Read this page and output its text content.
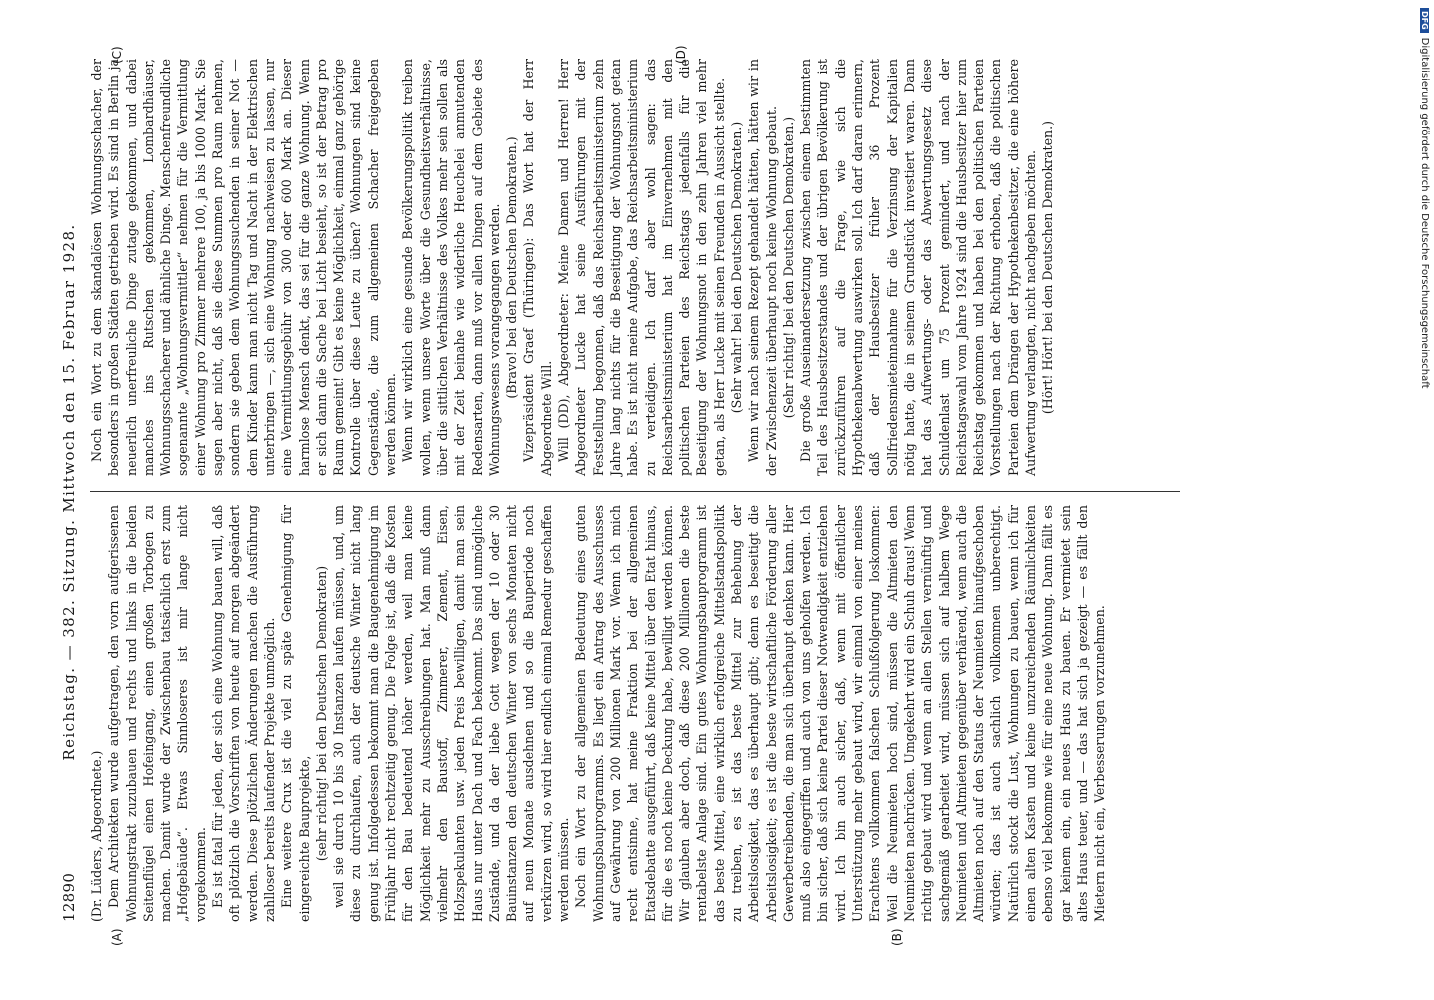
12890
Reichstag. — 382. Sitzung. Mittwoch den 15. Februar 1928.
(A)	(B)
(C)	(D)

(Dr. Lüders, Abgeordnete.) Dem Architekten wurde aufgetragen, den vorn aufgerissenen Wohnungstrakt zuzubauen und rechts und links in die beiden Seitenflügel einen Hofeingang, einen großen Torbogen zu machen. Damit wurde der Zwischenbau tatsächlich erst zum „Hofgebäude“. Etwas Sinnloseres ist mir lange nicht vorgekommen. Es ist fatal für jeden, der sich eine Wohnung bauen will, daß oft plötzlich die Vorschriften von heute auf morgen abgeändert werden. Diese plötzlichen Änderungen machen die Ausführung zahlloser bereits laufender Projekte unmöglich. Eine weitere Crux ist die viel zu späte Genehmigung für eingereichte Bauprojekte, (sehr richtig! bei den Deutschen Demokraten) weil sie durch 10 bis 30 Instanzen laufen müssen, und, um diese zu durchlaufen, auch der deutsche Winter nicht lang genug ist. Infolgedessen bekommt man die Baugenehmigung im Frühjahr nicht rechtzeitig genug. Die Folge ist, daß die Kosten für den Bau bedeutend höher werden, weil man keine Möglichkeit mehr zu Ausschreibungen hat. Man muß dann vielmehr den Baustoff, Zimmerer, Zement, Eisen, Holzspekulanten usw. jeden Preis bewilligen, damit man sein Haus nur unter Dach und Fach bekommt. Das sind unmögliche Zustände, und da der liebe Gott wegen der 10 oder 30 Bauinstanzen den deutschen Winter von sechs Monaten nicht auf neun Monate ausdehnen und so die Bauperiode noch verkürzen wird, so wird hier endlich einmal Remedur geschaffen werden müssen. Noch ein Wort zu der allgemeinen Bedeutung eines guten Wohnungsbauprogramms. Es liegt ein Antrag des Ausschusses auf Gewährung von 200 Millionen Mark vor. Wenn ich mich recht entsinne, hat meine Fraktion bei der allgemeinen Etatsdebatte ausgeführt, daß keine Mittel über den Etat hinaus, für die es noch keine Deckung habe, bewilligt werden können. Wir glauben aber doch, daß diese 200 Millionen die beste rentabelste Anlage sind. Ein gutes Wohnungsbauprogramm ist das beste Mittel, eine wirklich erfolgreiche Mittelstandspolitik zu treiben, es ist das beste Mittel zur Behebung der Arbeitslosigkeit, das es überhaupt gibt; denn es beseitigt die Arbeitslosigkeit; es ist die beste wirtschaftliche Förderung aller Gewerbetreibenden, die man sich überhaupt denken kann. Hier muß also eingegriffen und auch von uns geholfen werden. Ich bin sicher, daß sich keine Partei dieser Notwendigkeit entziehen wird. Ich bin auch sicher, daß, wenn mit öffentlicher Unterstützung mehr gebaut wird, wir einmal von einer meines Erachtens vollkommen falschen Schlußfolgerung loskommen: Weil die Neumieten hoch sind, müssen die Altmieten den Neumieten nachrücken. Umgekehrt wird ein Schuh draus! Wenn richtig gebaut wird und wenn an allen Stellen vernünftig und sachgemäß gearbeitet wird, müssen sich auf halbem Wege Neumieten und Altmieten gegenüber verhärend, wenn auch die Altmieten noch auf den Status der Neumieten hinaufgeschoben würden; das ist auch sachlich vollkommen unberechtigt. Natürlich stockt die Lust, Wohnungen zu bauen, wenn ich für einen alten Kasten und keine unzureichenden Räumlichkeiten ebenso viel bekomme wie für eine neue Wohnung. Dann fällt es gar keinem ein, ein neues Haus zu bauen. Er vermietet sein altes Haus teuer, und — das hat sich ja gezeigt — es fällt den Mietern nicht ein, Verbesserungen vorzunehmen.

Noch ein Wort zu dem skandalösen Wohnungsschacher, der besonders in großen Städten getrieben wird. Es sind in Berlin ja neuerlich unerfreuliche Dinge zutage gekommen, und dabei manches ins Rutschen gekommen, Lombardhäuser, Wohnungsschacherer und ähnliche Dinge. Menschenfreundliche sogenannte „Wohnungsvermittler“ nehmen für die Vermittlung einer Wohnung pro Zimmer mehrere 100, ja bis 1000 Mark. Sie sagen aber nicht, daß sie diese Summen pro Raum nehmen, sondern sie geben dem Wohnungssuchenden in seiner Not — dem Kinder kann man nicht Tag und Nacht in der Elektrischen unterbringen —, sich eine Wohnung nachweisen zu lassen, nur eine Vermittlungsgebühr von 300 oder 600 Mark an. Dieser harmlose Mensch denkt, das sei für die ganze Wohnung. Wenn er sich dann die Sache bei Licht besieht, so ist der Betrag pro Raum gemeint! Gibt es keine Möglichkeit, einmal ganz gehörige Kontrolle über diese Leute zu üben? Wohnungen sind keine Gegenstände, die zum allgemeinen Schacher freigegeben werden können. Wenn wir wirklich eine gesunde Bevölkerungspolitik treiben wollen, wenn unsere Worte über die Gesundheitsverhältnisse, über die sittlichen Verhältnisse des Volkes mehr sein sollen als mit der Zeit beinahe wie widerliche Heuchelei anmutenden Redensarten, dann muß vor allen Dingen auf dem Gebiete des Wohnungswesens vorangegangen werden. (Bravo! bei den Deutschen Demokraten.) Vizepräsident Graef (Thüringen): Das Wort hat der Herr Abgeordnete Will. Will (DD), Abgeordneter: Meine Damen und Herren! Herr Abgeordneter Lucke hat seine Ausführungen mit der Feststellung begonnen, daß das Reichsarbeitsministerium zehn Jahre lang nichts für die Beseitigung der Wohnungsnot getan habe. Es ist nicht meine Aufgabe, das Reichsarbeitsministerium zu verteidigen. Ich darf aber wohl sagen: das Reichsarbeitsministerium hat im Einvernehmen mit den politischen Parteien des Reichstags jedenfalls für die Beseitigung der Wohnungsnot in den zehn Jahren viel mehr getan, als Herr Lucke mit seinen Freunden in Aussicht stellte. (Sehr wahr! bei den Deutschen Demokraten.) Wenn wir nach seinem Rezept gehandelt hätten, hätten wir in der Zwischenzeit überhaupt noch keine Wohnung gebaut. (Sehr richtig! bei den Deutschen Demokraten.) Die große Auseinandersetzung zwischen einem bestimmten Teil des Hausbesitzerstandes und der übrigen Bevölkerung ist zurückzuführen auf die Frage, wie sich die Hypothekenabwertung auswirken soll. Ich darf daran erinnern, daß der Hausbesitzer früher 36 Prozent Sollfriedensmieteinnahme für die Verzinsung der Kapitalien nötig hatte, die in seinem Grundstück investiert waren. Dann hat das Aufwertungs- oder das Abwertungsgesetz diese Schuldenlast um 75 Prozent gemindert, und nach der Reichstagswahl vom Jahre 1924 sind die Hausbesitzer hier zum Reichstag gekommen und haben bei den politischen Parteien Vorstellungen nach der Richtung erhoben, daß die politischen Parteien dem Drängen der Hypothekenbesitzer, die eine höhere Aufwertung verlangten, nicht nachgeben möchten. (Hört! Hört! bei den Deutschen Demokraten.)

DFGDigitalisierung gefördert durch die Deutsche Forschungsgemeinschaft
